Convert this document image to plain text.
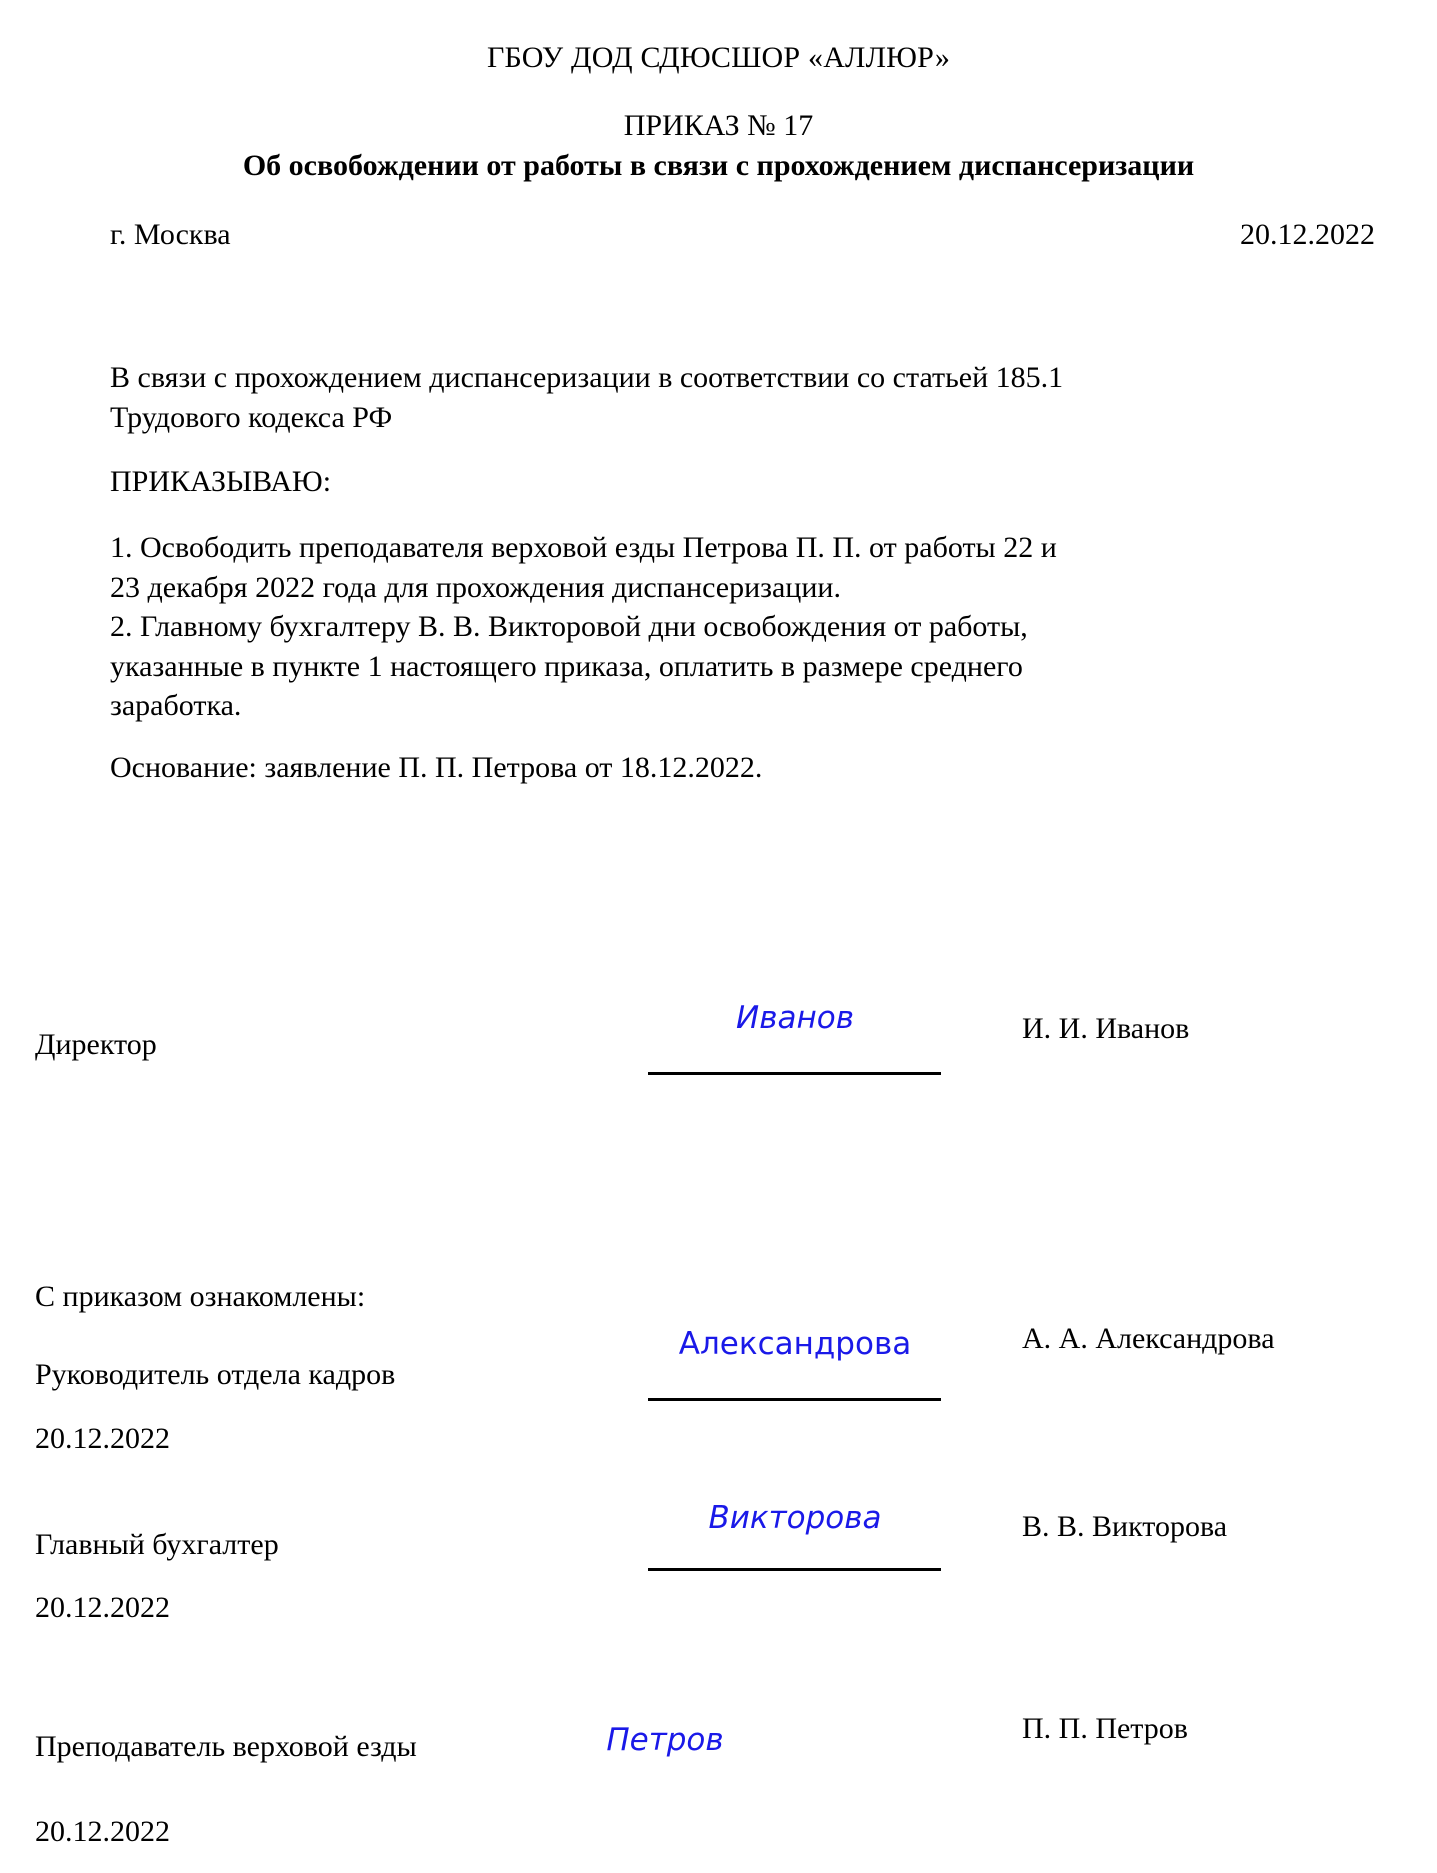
ГБОУ ДОД СДЮСШОР «АЛЛЮР»
ПРИКАЗ № 17
Об освобождении от работы в связи с прохождением диспансеризации
г. Москва	20.12.2022

В связи с прохождением диспансеризации в соответствии со статьей 185.1

Трудового кодекса РФ

ПРИКАЗЫВАЮ:

1. Освободить преподавателя верховой езды Петрова П. П. от работы 22 и

23 декабря 2022 года для прохождения диспансеризации.

2. Главному бухгалтеру В. В. Викторовой дни освобождения от работы,

указанные в пункте 1 настоящего приказа, оплатить в размере среднего

заработка.

Основание: заявление П. П. Петрова от 18.12.2022.

Директор
Иванов	И. И. Иванов
С приказом ознакомлены:
Руководитель отдела кадров
Александрова	А. А. Александрова
20.12.2022
Главный бухгалтер
Викторова	В. В. Викторова
20.12.2022
Преподаватель верховой езды	Петров	П. П. Петров
20.12.2022
